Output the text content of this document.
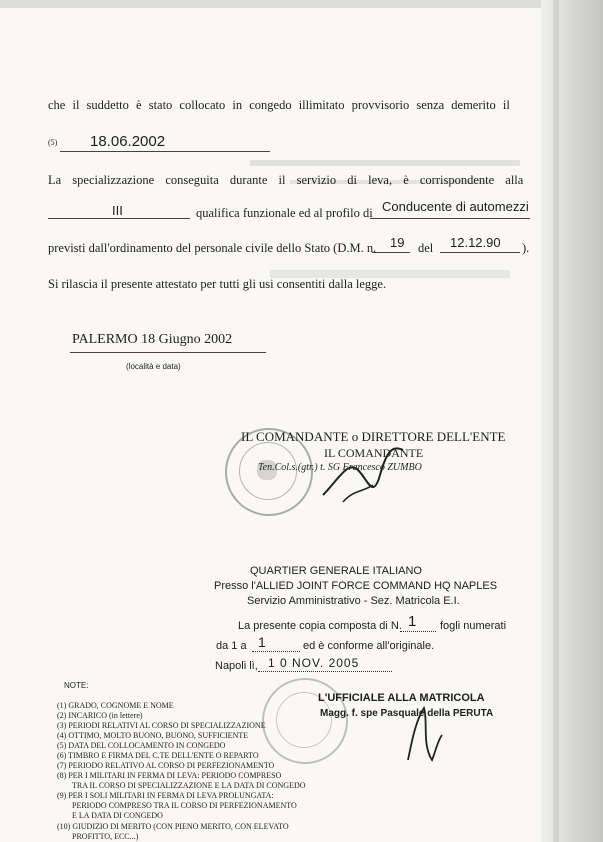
che il suddetto è stato collocato in congedo illimitato provvisorio senza demerito il
(5) 18.06.2002
La specializzazione conseguita durante il servizio di leva, è corrispondente alla
III	qualifica funzionale ed al profilo di Conducente di automezzi
previsti dall'ordinamento del personale civile dello Stato (D.M. n. 19 del 12.12.90 ).
Si rilascia il presente attestato per tutti gli usi consentiti dalla legge.
PALERMO 18 Giugno 2002
(località e data)
IL COMANDANTE o DIRETTORE DELL'ENTE
IL COMANDANTE
Ten.Col.s.(gtr.) t. SG Francesco ZUMBO
QUARTIER GENERALE ITALIANO
Presso l'ALLIED JOINT FORCE COMMAND HQ NAPLES
Servizio Amministrativo - Sez. Matricola E.I.
La presente copia composta di N. 1 fogli numerati
da 1 a 1	ed è conforme all'originale.
Napoli lì, 1 0 NOV. 2005
L'UFFICIALE ALLA MATRICOLA
Magg. f. spe Pasquale della PERUTA
NOTE:
(1) GRADO, COGNOME E NOME
(2) INCARICO (in lettere)
(3) PERIODI RELATIVI AL CORSO DI SPECIALIZZAZIONE
(4) OTTIMO, MOLTO BUONO, BUONO, SUFFICIENTE
(5) DATA DEL COLLOCAMENTO IN CONGEDO
(6) TIMBRO E FIRMA DEL C.TE DELL'ENTE O REPARTO
(7) PERIODO RELATIVO AL CORSO DI PERFEZIONAMENTO
(8) PER I MILITARI IN FERMA DI LEVA: PERIODO COMPRESO
TRA IL CORSO DI SPECIALIZZAZIONE E LA DATA DI CONGEDO
(9) PER I SOLI MILITARI IN FERMA DI LEVA PROLUNGATA:
PERIODO COMPRESO TRA IL CORSO DI PERFEZIONAMENTO
E LA DATA DI CONGEDO
(10) GIUDIZIO DI MERITO (CON PIENO MERITO, CON ELEVATO
PROFITTO, ECC...)
